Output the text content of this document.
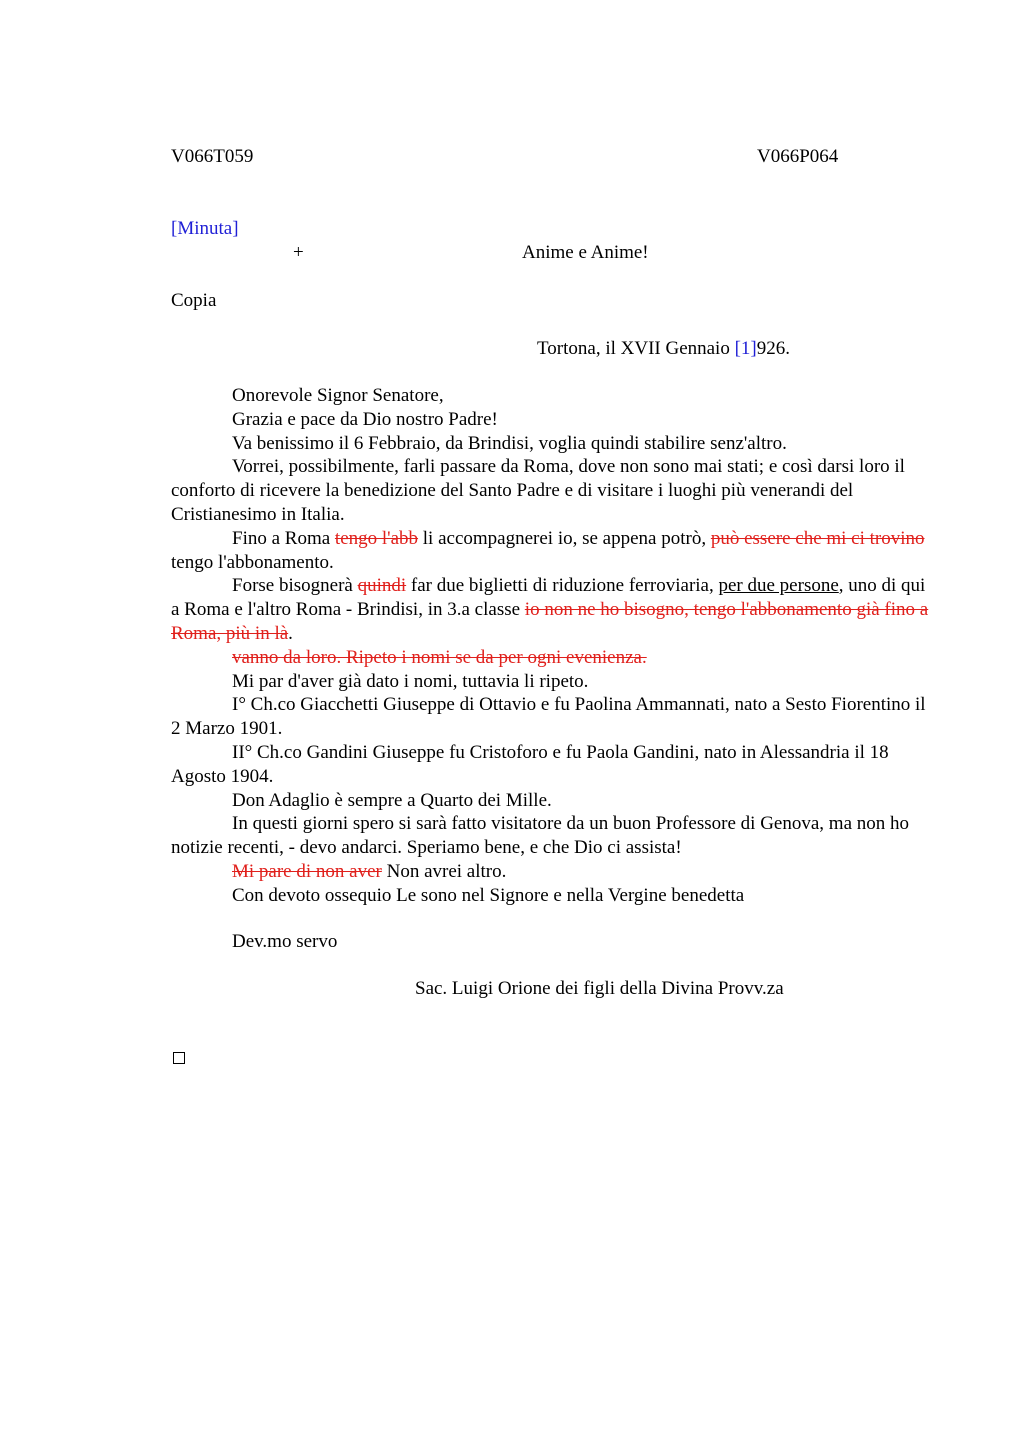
V066T059	V066P064
[Minuta]
+	Anime e Anime!
Copia
Tortona, il XVII Gennaio [1]926.

Onorevole Signor Senatore,

Grazia e pace da Dio nostro Padre!

Va benissimo il 6 Febbraio, da Brindisi, voglia quindi stabilire senz'altro.

Vorrei, possibilmente, farli passare da Roma, dove non sono mai stati; e così darsi loro il conforto di ricevere la benedizione del Santo Padre e di visitare i luoghi più venerandi del Cristianesimo in Italia.

Fino a Roma tengo l'abb li accompagnerei io, se appena potrò, può essere che mi ci trovino tengo l'abbonamento.

Forse bisognerà quindi far due biglietti di riduzione ferroviaria, per due persone, uno di qui a Roma e l'altro Roma - Brindisi, in 3.a classe io non ne ho bisogno, tengo l'abbonamento già fino a Roma, più in là.

vanno da loro. Ripeto i nomi se da per ogni evenienza.

Mi par d'aver già dato i nomi, tuttavia li ripeto.

I° Ch.co Giacchetti Giuseppe di Ottavio e fu Paolina Ammannati, nato a Sesto Fiorentino il 2 Marzo 1901.

II° Ch.co Gandini Giuseppe fu Cristoforo e fu Paola Gandini, nato in Alessandria il 18 Agosto 1904.

Don Adaglio è sempre a Quarto dei Mille.

In questi giorni spero si sarà fatto visitatore da un buon Professore di Genova, ma non ho notizie recenti, - devo andarci. Speriamo bene, e che Dio ci assista!

Mi pare di non aver Non avrei altro.

Con devoto ossequio Le sono nel Signore e nella Vergine benedetta

Dev.mo servo
Sac. Luigi Orione dei figli della Divina Provv.za
